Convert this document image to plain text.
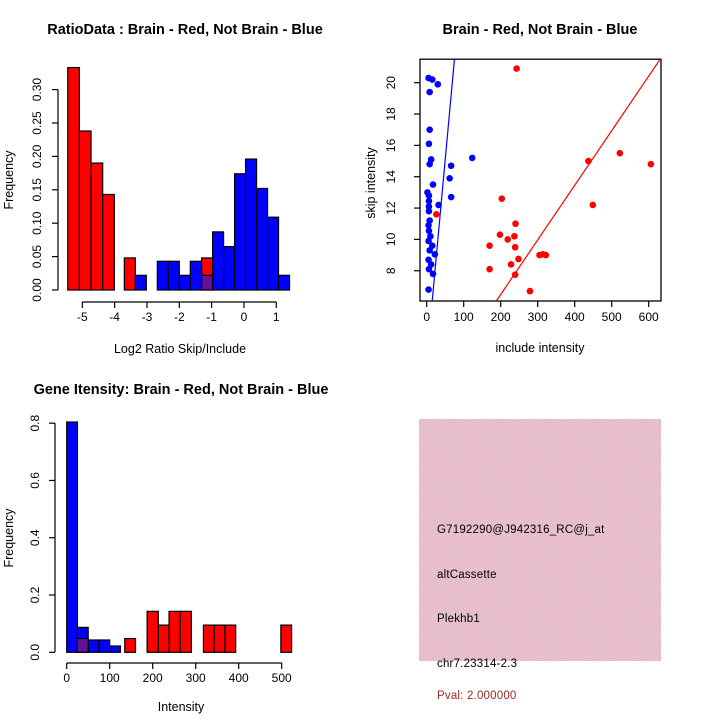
RatioData : Brain - Red, Not Brain - Blue
Log2 Ratio Skip/Include
Frequency
0.00
0.05
0.10
0.15
0.20
0.25
0.30
-5 -4 -3 -2 -1 0 1
Brain - Red, Not Brain - Blue
include intensity
skip intensity
8
10
12
14
16
18
20
0 100 200 300 400 500 600
Gene Itensity: Brain - Red, Not Brain - Blue
Intensity
Frequency
0.0
0.2
0.4
0.6
0.8
0 100 200 300 400 500
G7192290@J942316_RC@j_at
altCassette
Plekhb1
chr7.23314-2.3
Pval: 2.000000
